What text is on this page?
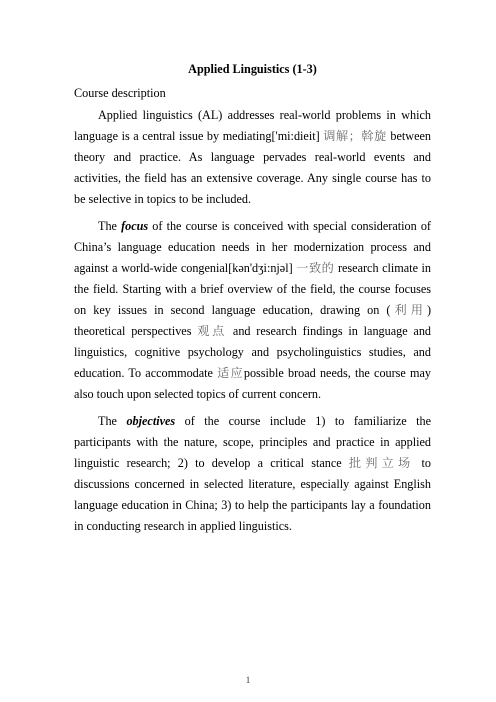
Applied Linguistics (1-3)
Course description

Applied linguistics (AL) addresses real-world problems in which language is a central issue by mediating['mi:dieit] 调解；斡旋 between theory and practice. As language pervades real-world events and activities, the field has an extensive coverage. Any single course has to be selective in topics to be included.

The focus of the course is conceived with special consideration of China’s language education needs in her modernization process and against a world-wide congenial[kən'dʒi:njəl] 一致的 research climate in the field. Starting with a brief overview of the field, the course focuses on key issues in second language education, drawing on (利用) theoretical perspectives 观点 and research findings in language and linguistics, cognitive psychology and psycholinguistics studies, and education. To accommodate 适应possible broad needs, the course may also touch upon selected topics of current concern.

The objectives of the course include 1) to familiarize the participants with the nature, scope, principles and practice in applied linguistic research; 2) to develop a critical stance 批判立场 to discussions concerned in selected literature, especially against English language education in China; 3) to help the participants lay a foundation in conducting research in applied linguistics.

1
